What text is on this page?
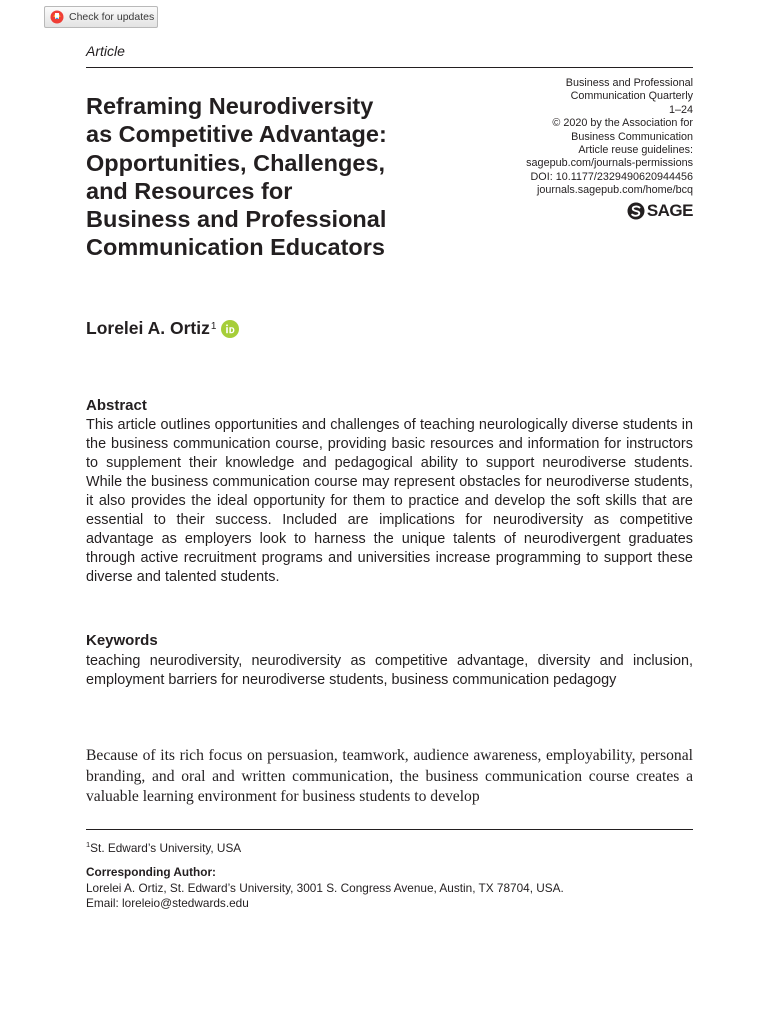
Check for updates
Article
Reframing Neurodiversity
as Competitive Advantage:
Opportunities, Challenges,
and Resources for
Business and Professional
Communication Educators
Business and Professional
Communication Quarterly
1–24
© 2020 by the Association for
Business Communication
Article reuse guidelines:
sagepub.com/journals-permissions
DOI: 10.1177/2329490620944456
journals.sagepub.com/home/bcq
SAGE
Lorelei A. Ortiz$^1$
Abstract
This article outlines opportunities and challenges of teaching neurologically diverse students in the business communication course, providing basic resources and information for instructors to supplement their knowledge and pedagogical ability to support neurodiverse students. While the business communication course may represent obstacles for neurodiverse students, it also provides the ideal opportunity for them to practice and develop the soft skills that are essential to their success. Included are implications for neurodiversity as competitive advantage as employers look to harness the unique talents of neurodivergent graduates through active recruitment programs and universities increase programming to support these diverse and talented students.
Keywords
teaching neurodiversity, neurodiversity as competitive advantage, diversity and inclusion, employment barriers for neurodiverse students, business communication pedagogy
Because of its rich focus on persuasion, teamwork, audience awareness, employability, personal branding, and oral and written communication, the business communication course creates a valuable learning environment for business students to develop
$^1$St. Edward’s University, USA
Corresponding Author:
Lorelei A. Ortiz, St. Edward’s University, 3001 S. Congress Avenue, Austin, TX 78704, USA.
Email: loreleio@stedwards.edu
